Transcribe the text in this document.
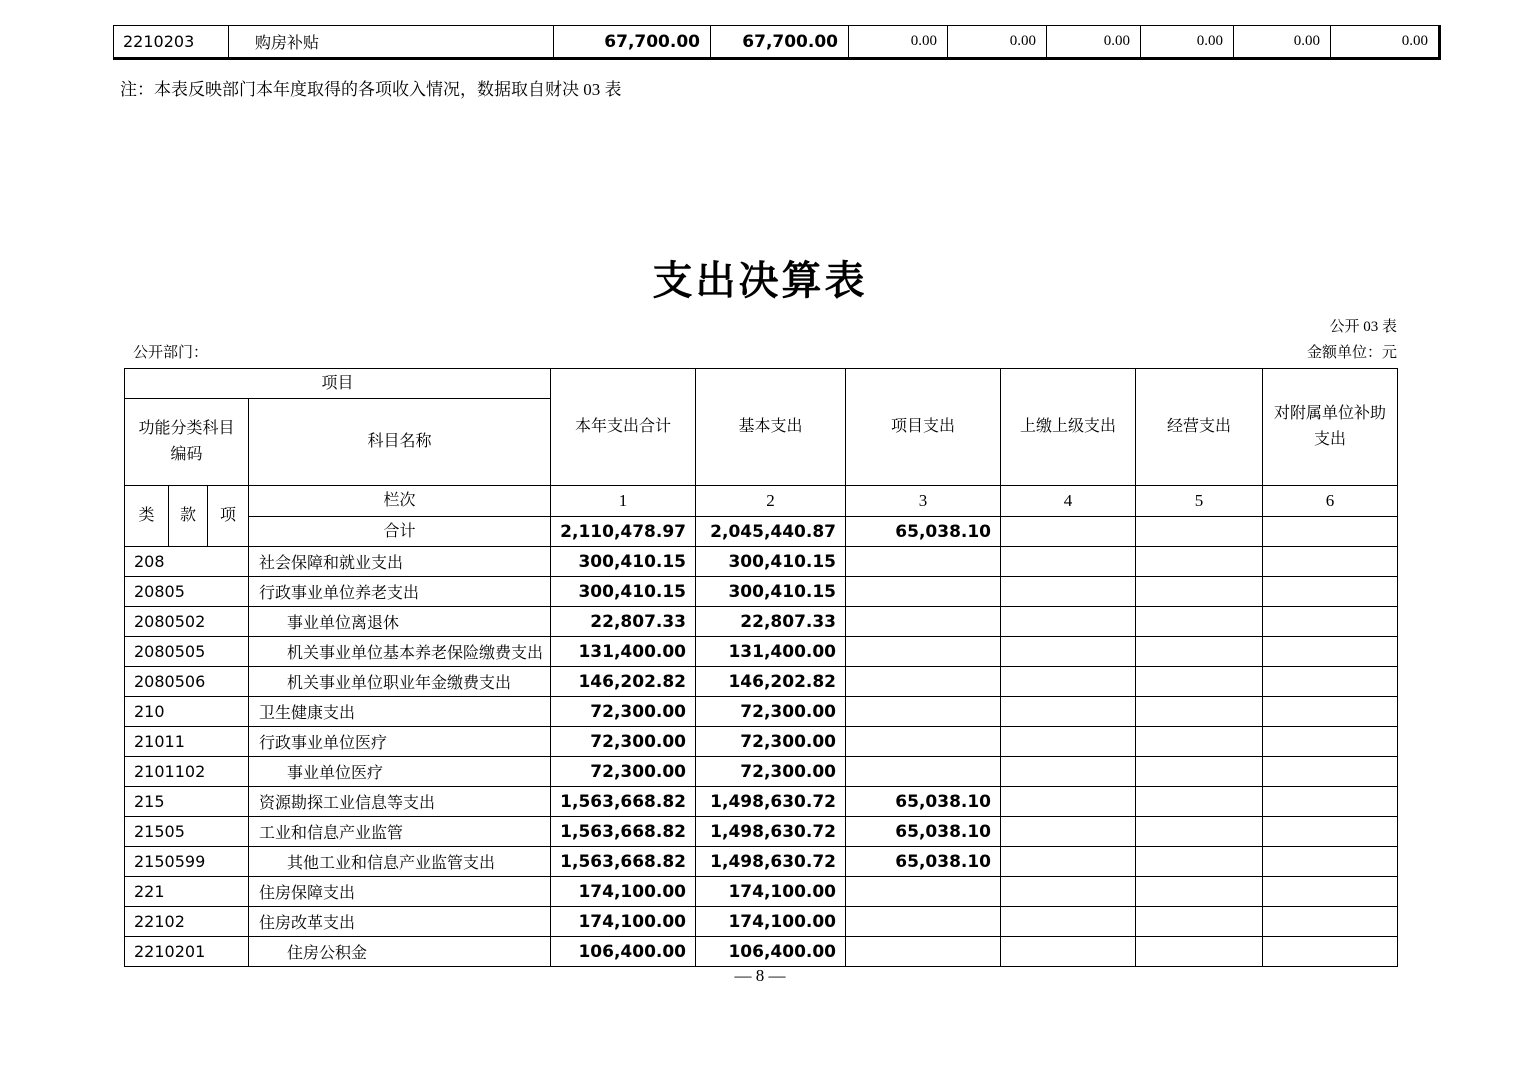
2210203	购房补贴	67,700.00	67,700.00	0.00	0.00	0.00	0.00	0.00	0.00
注：本表反映部门本年度取得的各项收入情况，数据取自财决 03 表
支出决算表
公开 03 表
公开部门：	金额单位：元
项目				本年支出合计	基本支出	项目支出	上缴上级支出	经营支出	对附属单位补助支出

功能分类科目
编码			科目名称						
类	款	项	栏次	1	2	3	4	5	6
			合计	2,110,478.97	2,045,440.87	65,038.10			
208			社会保障和就业支出	300,410.15	300,410.15				
20805			行政事业单位养老支出	300,410.15	300,410.15				
2080502			事业单位离退休	22,807.33	22,807.33				
2080505			机关事业单位基本养老保险缴费支出	131,400.00	131,400.00				
2080506			机关事业单位职业年金缴费支出	146,202.82	146,202.82				
210			卫生健康支出	72,300.00	72,300.00				
21011			行政事业单位医疗	72,300.00	72,300.00				
2101102			事业单位医疗	72,300.00	72,300.00				
215			资源勘探工业信息等支出	1,563,668.82	1,498,630.72	65,038.10			
21505			工业和信息产业监管	1,563,668.82	1,498,630.72	65,038.10			
2150599			其他工业和信息产业监管支出	1,563,668.82	1,498,630.72	65,038.10			
221			住房保障支出	174,100.00	174,100.00				
22102			住房改革支出	174,100.00	174,100.00				
2210201			住房公积金	106,400.00	106,400.00				
— 8 —
